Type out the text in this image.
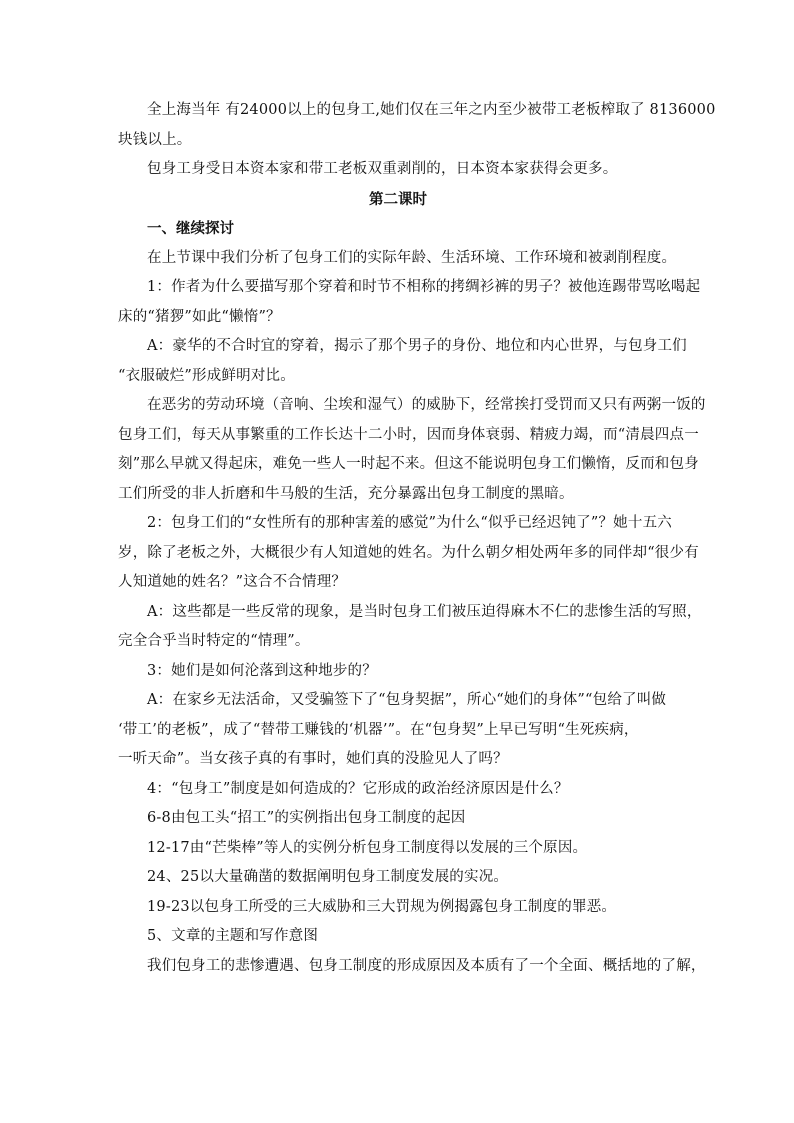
全上海当年 有24000以上的包身工,她们仅在三年之内至少被带工老板榨取了 8136000
块钱以上。

包身工身受日本资本家和带工老板双重剥削的，日本资本家获得会更多。

第二课时

一、继续探讨

在上节课中我们分析了包身工们的实际年龄、生活环境、工作环境和被剥削程度。

1：作者为什么要描写那个穿着和时节不相称的拷绸衫裤的男子？被他连踢带骂吆喝起
床的“猪猡”如此“懒惰”？

A：豪华的不合时宜的穿着，揭示了那个男子的身份、地位和内心世界，与包身工们
“衣服破烂”形成鲜明对比。

在恶劣的劳动环境（音响、尘埃和湿气）的威胁下，经常挨打受罚而又只有两粥一饭的
包身工们，每天从事繁重的工作长达十二小时，因而身体衰弱、精疲力竭，而“清晨四点一
刻”那么早就又得起床，难免一些人一时起不来。但这不能说明包身工们懒惰，反而和包身
工们所受的非人折磨和牛马般的生活，充分暴露出包身工制度的黑暗。

2：包身工们的“女性所有的那种害羞的感觉”为什么“似乎已经迟钝了”？她十五六
岁，除了老板之外，大概很少有人知道她的姓名。为什么朝夕相处两年多的同伴却“很少有
人知道她的姓名？”这合不合情理？

A：这些都是一些反常的现象，是当时包身工们被压迫得麻木不仁的悲惨生活的写照，
完全合乎当时特定的“情理”。

3：她们是如何沦落到这种地步的？

A：在家乡无法活命，又受骗签下了“包身契据”，所心“她们的身体”“包给了叫做
‘带工’的老板”，成了“替带工赚钱的‘机器’”。在“包身契”上早已写明“生死疾病，
一听天命”。当女孩子真的有事时，她们真的没脸见人了吗？

4：“包身工”制度是如何造成的？它形成的政治经济原因是什么？

6-8由包工头“招工”的实例指出包身工制度的起因

12-17由“芒柴棒”等人的实例分析包身工制度得以发展的三个原因。

24、25以大量确凿的数据阐明包身工制度发展的实况。

19-23以包身工所受的三大威胁和三大罚规为例揭露包身工制度的罪恶。

5、文章的主题和写作意图

我们包身工的悲惨遭遇、包身工制度的形成原因及本质有了一个全面、概括地的了解，
